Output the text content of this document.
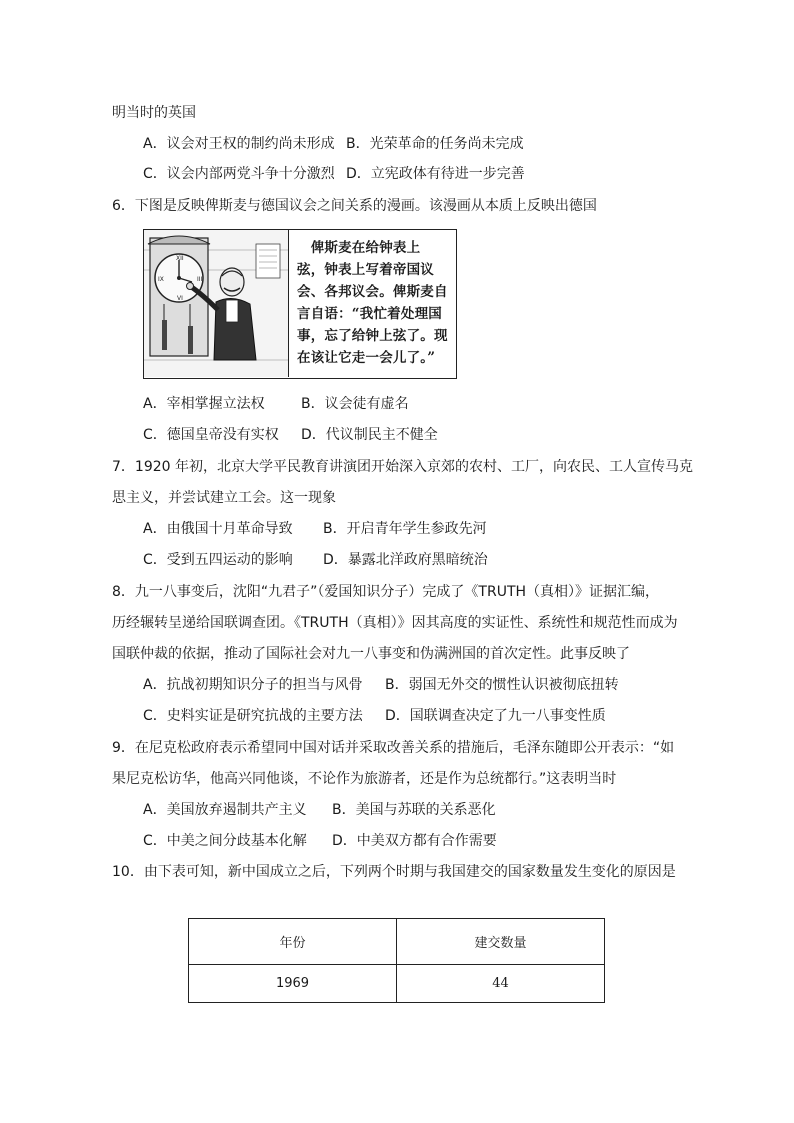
明当时的英国
A．议会对王权的制约尚未形成 B．光荣革命的任务尚未完成
C．议会内部两党斗争十分激烈 D．立宪政体有待进一步完善
6．下图是反映俾斯麦与德国议会之间关系的漫画。该漫画从本质上反映出德国
XII
III
VI
IX
　俾斯麦在给钟表上
弦，钟表上写着帝国议
会、各邦议会。俾斯麦自
言自语：“我忙着处理国
事，忘了给钟上弦了。现
在该让它走一会儿了。”
A．宰相掌握立法权	B．议会徒有虚名
C．德国皇帝没有实权 D．代议制民主不健全
7．1920 年初，北京大学平民教育讲演团开始深入京郊的农村、工厂，向农民、工人宣传马克
思主义，并尝试建立工会。这一现象
A．由俄国十月革命导致 B．开启青年学生参政先河
C．受到五四运动的影响 D．暴露北洋政府黑暗统治
8．九一八事变后，沈阳“九君子”（爱国知识分子）完成了《TRUTH（真相）》证据汇编，
历经辗转呈递给国联调查团。《TRUTH（真相）》因其高度的实证性、系统性和规范性而成为
国联仲裁的依据，推动了国际社会对九一八事变和伪满洲国的首次定性。此事反映了
A．抗战初期知识分子的担当与风骨 B．弱国无外交的惯性认识被彻底扭转
C．史料实证是研究抗战的主要方法 D．国联调查决定了九一八事变性质
9．在尼克松政府表示希望同中国对话并采取改善关系的措施后，毛泽东随即公开表示：“如
果尼克松访华，他高兴同他谈，不论作为旅游者，还是作为总统都行。”这表明当时
A．美国放弃遏制共产主义 B．美国与苏联的关系恶化
C．中美之间分歧基本化解 D．中美双方都有合作需要
10．由下表可知，新中国成立之后，下列两个时期与我国建交的国家数量发生变化的原因是
年份	建交数量
1969	44
